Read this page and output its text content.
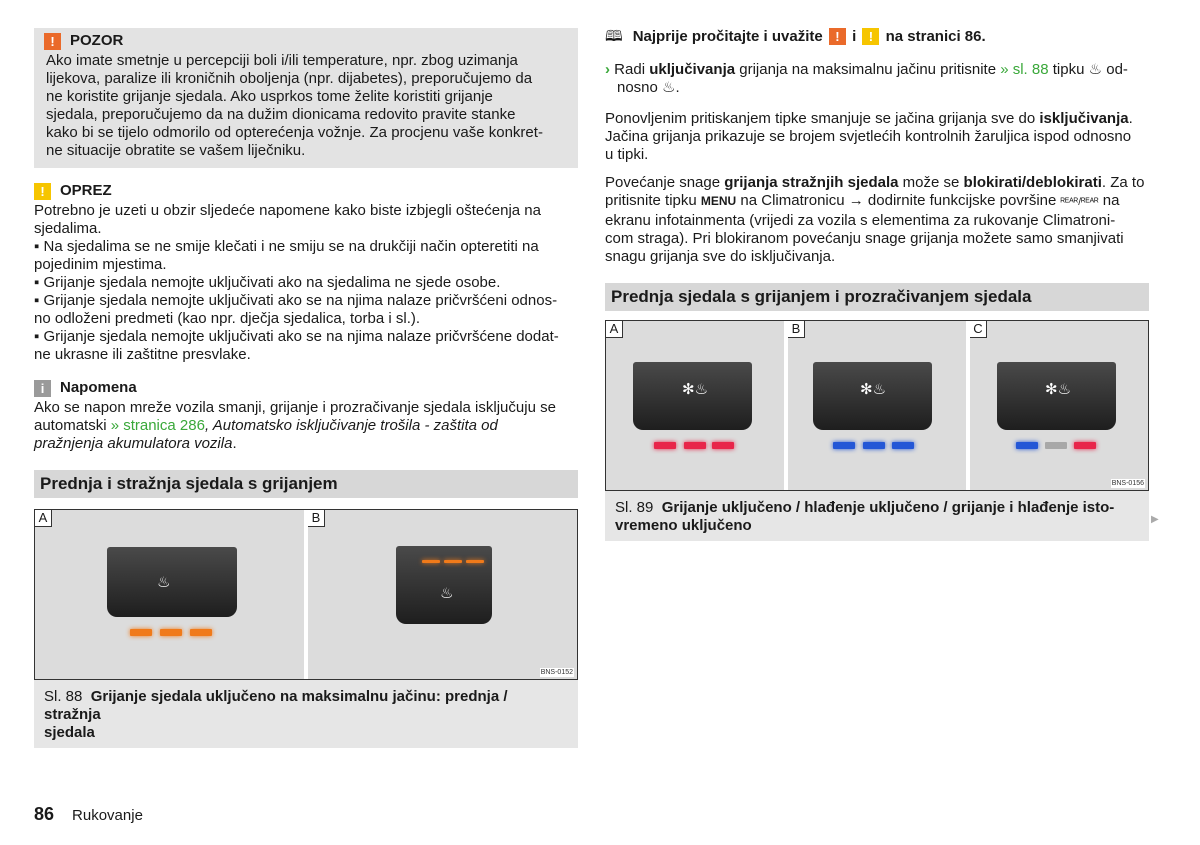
!	POZOR
Ako imate smetnje u percepciji boli i/ili temperature, npr. zbog uzimanja
lijekova, paralize ili kroničnih oboljenja (npr. dijabetes), preporučujemo da
ne koristite grijanje sjedala. Ako usprkos tome želite koristiti grijanje
sjedala, preporučujemo da na dužim dionicama redovito pravite stanke
kako bi se tijelo odmorilo od opterećenja vožnje. Za procjenu vaše konkret-
ne situacije obratite se vašem liječniku.
!	OPREZ
Potrebno je uzeti u obzir sljedeće napomene kako biste izbjegli oštećenja na
sjedalima.
▪ Na sjedalima se ne smije klečati i ne smiju se na drukčiji način opteretiti na
pojedinim mjestima.
▪ Grijanje sjedala nemojte uključivati ako na sjedalima ne sjede osobe.
▪ Grijanje sjedala nemojte uključivati ako se na njima nalaze pričvršćeni odnos-
no odloženi predmeti (kao npr. dječja sjedalica, torba i sl.).
▪ Grijanje sjedala nemojte uključivati ako se na njima nalaze pričvršćene dodat-
ne ukrasne ili zaštitne presvlake.
i	Napomena
Ako se napon mreže vozila smanji, grijanje i prozračivanje sjedala isključuju se
automatski » stranica 286, Automatsko isključivanje trošila - zaštita od
pražnjenja akumulatora vozila.
Prednja i stražnja sjedala s grijanjem
A
♨
B
♨
BNS-0152
Sl. 88 Grijanje sjedala uključeno na maksimalnu jačinu: prednja / stražnja
sjedala
🕮 Najprije pročitajte i uvažite ! i ! na stranici 86.
› Radi uključivanja grijanja na maksimalnu jačinu pritisnite » sl. 88 tipku ♨ od-
nosno ♨.
Ponovljenim pritiskanjem tipke smanjuje se jačina grijanja sve do isključivanja.
Jačina grijanja prikazuje se brojem svjetlećih kontrolnih žaruljica ispod odnosno
u tipki.
Povećanje snage grijanja stražnjih sjedala može se blokirati/deblokirati. Za to
pritisnite tipku MENU na Climatronicu → dodirnite funkcijske površine ᴿᴱᴬᴿ/ᴿᴱᴬᴿ na
ekranu infotainmenta (vrijedi za vozila s elementima za rukovanje Climatroni-
com straga). Pri blokiranom povećanju snage grijanja možete samo smanjivati
snagu grijanja sve do isključivanja.
Prednja sjedala s grijanjem i prozračivanjem sjedala
A
✻♨
B
✻♨
C
✻♨
BNS-0156
Sl. 89 Grijanje uključeno / hlađenje uključeno / grijanje i hlađenje isto-
vremeno uključeno	▶
86 Rukovanje
